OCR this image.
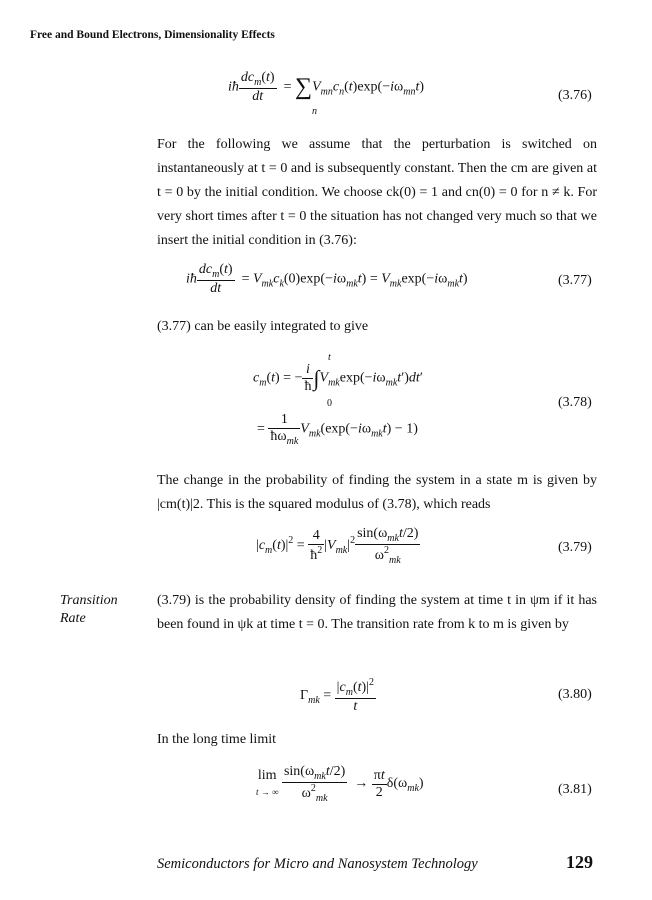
Free and Bound Electrons, Dimensionality Effects
iħ $\frac{dc_m(t)}{dt} = \sum V_{mn}c_n(t)\exp(-i\omega_{mn}t)$
n
(3.76)
For the following we assume that the perturbation is switched on instantaneously at t = 0 and is subsequently constant. Then the cm are given at t = 0 by the initial condition. We choose ck(0) = 1 and cn(0) = 0 for n ≠ k. For very short times after t = 0 the situation has not changed very much so that we insert the initial condition in (3.76):
iħ $\frac{dc_m(t)}{dt} = V_{mk}c_k(0)\exp(-i\omega_{mk}t) = V_{mk}\exp(-i\omega_{mk}t)$	(3.77)
(3.77) can be easily integrated to give
t
$c_m(t)$ = − $\frac{i}{ħ} \int V_{mk}\exp(-i\omega_{mk}t')dt'$
0	(3.78)
= $\frac{1}{ħ\omega_{mk}} V_{mk}(\exp(-i\omega_{mk}t) - 1)$
The change in the probability of finding the system in a state m is given by |cm(t)|2. This is the squared modulus of (3.78), which reads
$|c_m(t)|^2 = \frac{4}{ħ^2} |V_{mk}|^2 \frac{\sin(\omega_{mk}t/2)}{\omega^2_{mk}}$	(3.79)
Transition
Rate
(3.79) is the probability density of finding the system at time t in ψm if it has been found in ψk at time t = 0. The transition rate from k to m is given by
$\Gamma_{mk} = \frac{|c_m(t)|^2}{t}$	(3.80)
In the long time limit
lim
t → ∞ $\frac{\sin(\omega_{mk}t/2)}{\omega^2_{mk}} \to \frac{\pi t}{2} \delta(\omega_{mk})$	(3.81)
Semiconductors for Micro and Nanosystem Technology	129
